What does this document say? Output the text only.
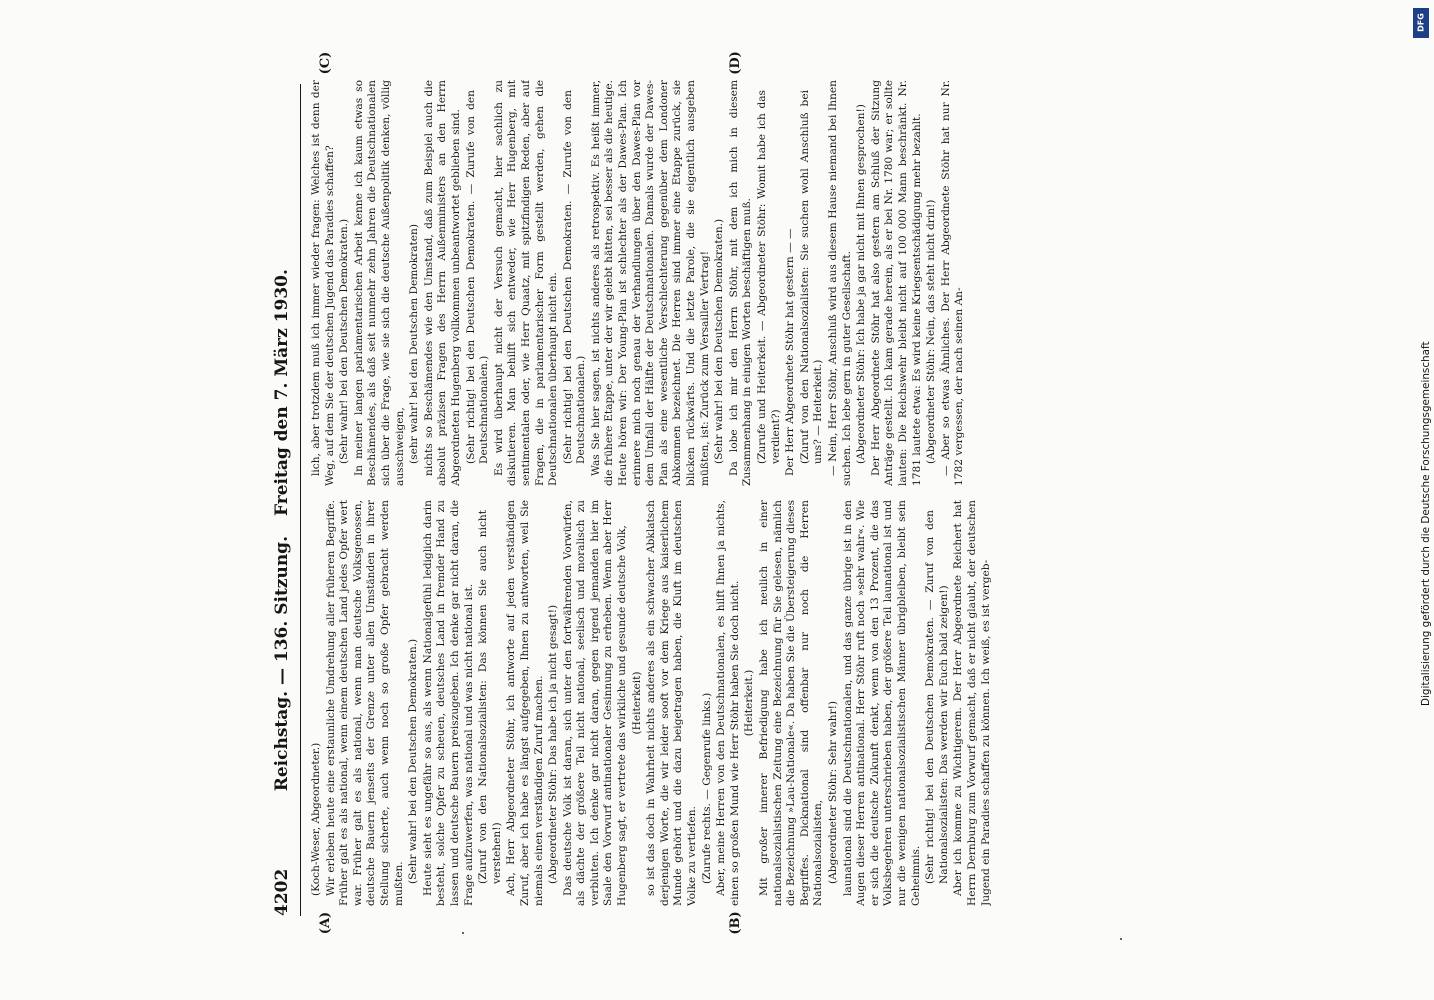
4202
Reichstag. — 136. Sitzung.
Freitag den 7. März 1930.
(A)	(B)
(C)	(D)

(Koch-Weser, Abgeordneter.) Wir erleben heute eine erstaunliche Umdrehung aller früheren Begriffe. Früher galt es als national, wenn einem deutschen Land jedes Opfer wert war. Früher galt es als national, wenn man deutsche Volksgenossen, deutsche Bauern jenseits der Grenze unter allen Umständen in ihrer Stellung sicherte, auch wenn noch so große Opfer gebracht werden mußten. (Sehr wahr! bei den Deutschen Demokraten.) Heute sieht es ungefähr so aus, als wenn Nationalgefühl lediglich darin besteht, solche Opfer zu scheuen, deutsches Land in fremder Hand zu lassen und deutsche Bauern preiszugeben. Ich denke gar nicht daran, die Frage aufzuwerfen, was national und was nicht national ist. (Zuruf von den Nationalsozialisten: Das können Sie auch nicht verstehen!) Ach, Herr Abgeordneter Stöhr, ich antworte auf jeden verständigen Zuruf, aber ich habe es längst aufgegeben, Ihnen zu antworten, weil Sie niemals einen verständigen Zuruf machen. (Abgeordneter Stöhr: Das habe ich ja nicht gesagt!) Das deutsche Volk ist daran, sich unter den fortwährenden Vorwürfen, als dächte der größere Teil nicht national, seelisch und moralisch zu verbluten. Ich denke gar nicht daran, gegen irgend jemanden hier im Saale den Vorwurf antinationaler Gesinnung zu erheben. Wenn aber Herr Hugenberg sagt, er vertrete das wirkliche und gesunde deutsche Volk, (Heiterkeit) so ist das doch in Wahrheit nichts anderes als ein schwacher Abklatsch derjenigen Worte, die wir leider sooft vor dem Kriege aus kaiserlichem Munde gehört und die dazu beigetragen haben, die Kluft im deutschen Volke zu vertiefen. (Zurufe rechts. — Gegenrufe links.) Aber, meine Herren von den Deutschnationalen, es hilft Ihnen ja nichts, einen so großen Mund wie Herr Stöhr haben Sie doch nicht. (Heiterkeit.) Mit großer innerer Befriedigung habe ich neulich in einer nationalsozialistischen Zeitung eine Bezeichnung für Sie gelesen, nämlich die Bezeichnung »Lau-Nationale«. Da haben Sie die Übersteigerung dieses Begriffes. Dicknational sind offenbar nur noch die Herren Nationalsozialisten, (Abgeordneter Stöhr: Sehr wahr!) launational sind die Deutschnationalen, und das ganze übrige ist in den Augen dieser Herren antinational. Herr Stöhr ruft noch »sehr wahr«. Wie er sich die deutsche Zukunft denkt, wenn von den 13 Prozent, die das Volksbegehren unterschrieben haben, der größere Teil launational ist und nur die wenigen nationalsozialistischen Männer übrigbleiben, bleibt sein Geheimnis. (Sehr richtig! bei den Deutschen Demokraten. — Zuruf von den Nationalsozialisten: Das werden wir Euch bald zeigen!) Aber ich komme zu Wichtigerem. Der Herr Abgeordnete Reichert hat Herrn Dernburg zum Vorwurf gemacht, daß er nicht glaubt, der deutschen Jugend ein Paradies schaffen zu können. Ich weiß, es ist vergeb-

lich, aber trotzdem muß ich immer wieder fragen: Welches ist denn der Weg, auf dem Sie der deutschen Jugend das Paradies schaffen? (Sehr wahr! bei den Deutschen Demokraten.) In meiner langen parlamentarischen Arbeit kenne ich kaum etwas so Beschämendes, als daß seit nunmehr zehn Jahren die Deutschnationalen sich über die Frage, wie sie sich die deutsche Außenpolitik denken, völlig ausschweigen, (sehr wahr! bei den Deutschen Demokraten) nichts so Beschämendes wie den Umstand, daß zum Beispiel auch die absolut präzisen Fragen des Herrn Außenministers an den Herrn Abgeordneten Hugenberg vollkommen unbeantwortet geblieben sind. (Sehr richtig! bei den Deutschen Demokraten. — Zurufe von den Deutschnationalen.) Es wird überhaupt nicht der Versuch gemacht, hier sachlich zu diskutieren. Man behilft sich entweder, wie Herr Hugenberg, mit sentimentalen oder, wie Herr Quaatz, mit spitzfindigen Reden, aber auf Fragen, die in parlamentarischer Form gestellt werden, gehen die Deutschnationalen überhaupt nicht ein. (Sehr richtig! bei den Deutschen Demokraten. — Zurufe von den Deutschnationalen.) Was Sie hier sagen, ist nichts anderes als retrospektiv. Es heißt immer, die frühere Etappe, unter der wir gelebt hätten, sei besser als die heutige. Heute hören wir: Der Young-Plan ist schlechter als der Dawes-Plan. Ich erinnere mich noch genau der Verhandlungen über den Dawes-Plan vor dem Umfall der Hälfte der Deutschnationalen. Damals wurde der Dawes-Plan als eine wesentliche Verschlechterung gegenüber dem Londoner Abkommen bezeichnet. Die Herren sind immer eine Etappe zurück, sie blicken rückwärts. Und die letzte Parole, die sie eigentlich ausgeben müßten, ist: Zurück zum Versailler Vertrag! (Sehr wahr! bei den Deutschen Demokraten.) Da lobe ich mir den Herrn Stöhr, mit dem ich mich in diesem Zusammenhang in einigen Worten beschäftigen muß. (Zurufe und Heiterkeit. — Abgeordneter Stöhr: Womit habe ich das verdient?) Der Herr Abgeordnete Stöhr hat gestern — — (Zuruf von den Nationalsozialisten: Sie suchen wohl Anschluß bei uns? — Heiterkeit.) — Nein, Herr Stöhr, Anschluß wird aus diesem Hause niemand bei Ihnen suchen. Ich lebe gern in guter Gesellschaft. (Abgeordneter Stöhr: Ich habe ja gar nicht mit Ihnen gesprochen!) Der Herr Abgeordnete Stöhr hat also gestern am Schluß der Sitzung Anträge gestellt. Ich kam gerade herein, als er bei Nr. 1780 war; er sollte lauten: Die Reichswehr bleibt nicht auf 100 000 Mann beschränkt. Nr. 1781 lautete etwa: Es wird keine Kriegsentschädigung mehr bezahlt. (Abgeordneter Stöhr: Nein, das steht nicht drin!) — Aber so etwas Ähnliches. Der Herr Abgeordnete Stöhr hat nur Nr. 1782 vergessen, der nach seinen An-

DFG
Digitalisierung gefördert durch die Deutsche Forschungsgemeinschaft
